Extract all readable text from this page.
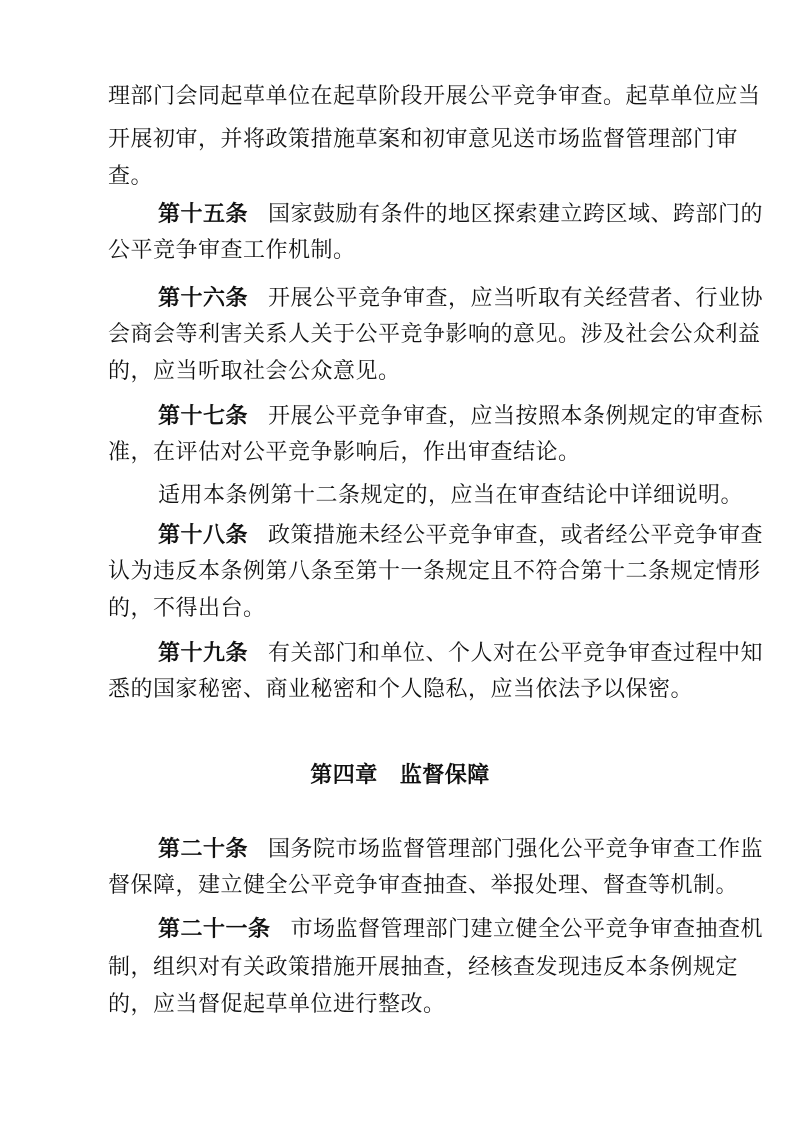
理部门会同起草单位在起草阶段开展公平竞争审查。起草单位应当
开展初审，并将政策措施草案和初审意见送市场监督管理部门审
查。
第十五条 国家鼓励有条件的地区探索建立跨区域、跨部门的
公平竞争审查工作机制。
第十六条 开展公平竞争审查，应当听取有关经营者、行业协
会商会等利害关系人关于公平竞争影响的意见。涉及社会公众利益
的，应当听取社会公众意见。
第十七条 开展公平竞争审查，应当按照本条例规定的审查标
准，在评估对公平竞争影响后，作出审查结论。
适用本条例第十二条规定的，应当在审查结论中详细说明。
第十八条 政策措施未经公平竞争审查，或者经公平竞争审查
认为违反本条例第八条至第十一条规定且不符合第十二条规定情形
的，不得出台。
第十九条 有关部门和单位、个人对在公平竞争审查过程中知
悉的国家秘密、商业秘密和个人隐私，应当依法予以保密。
第四章 监督保障
第二十条 国务院市场监督管理部门强化公平竞争审查工作监
督保障，建立健全公平竞争审查抽查、举报处理、督查等机制。
第二十一条 市场监督管理部门建立健全公平竞争审查抽查机
制，组织对有关政策措施开展抽查，经核查发现违反本条例规定
的，应当督促起草单位进行整改。
